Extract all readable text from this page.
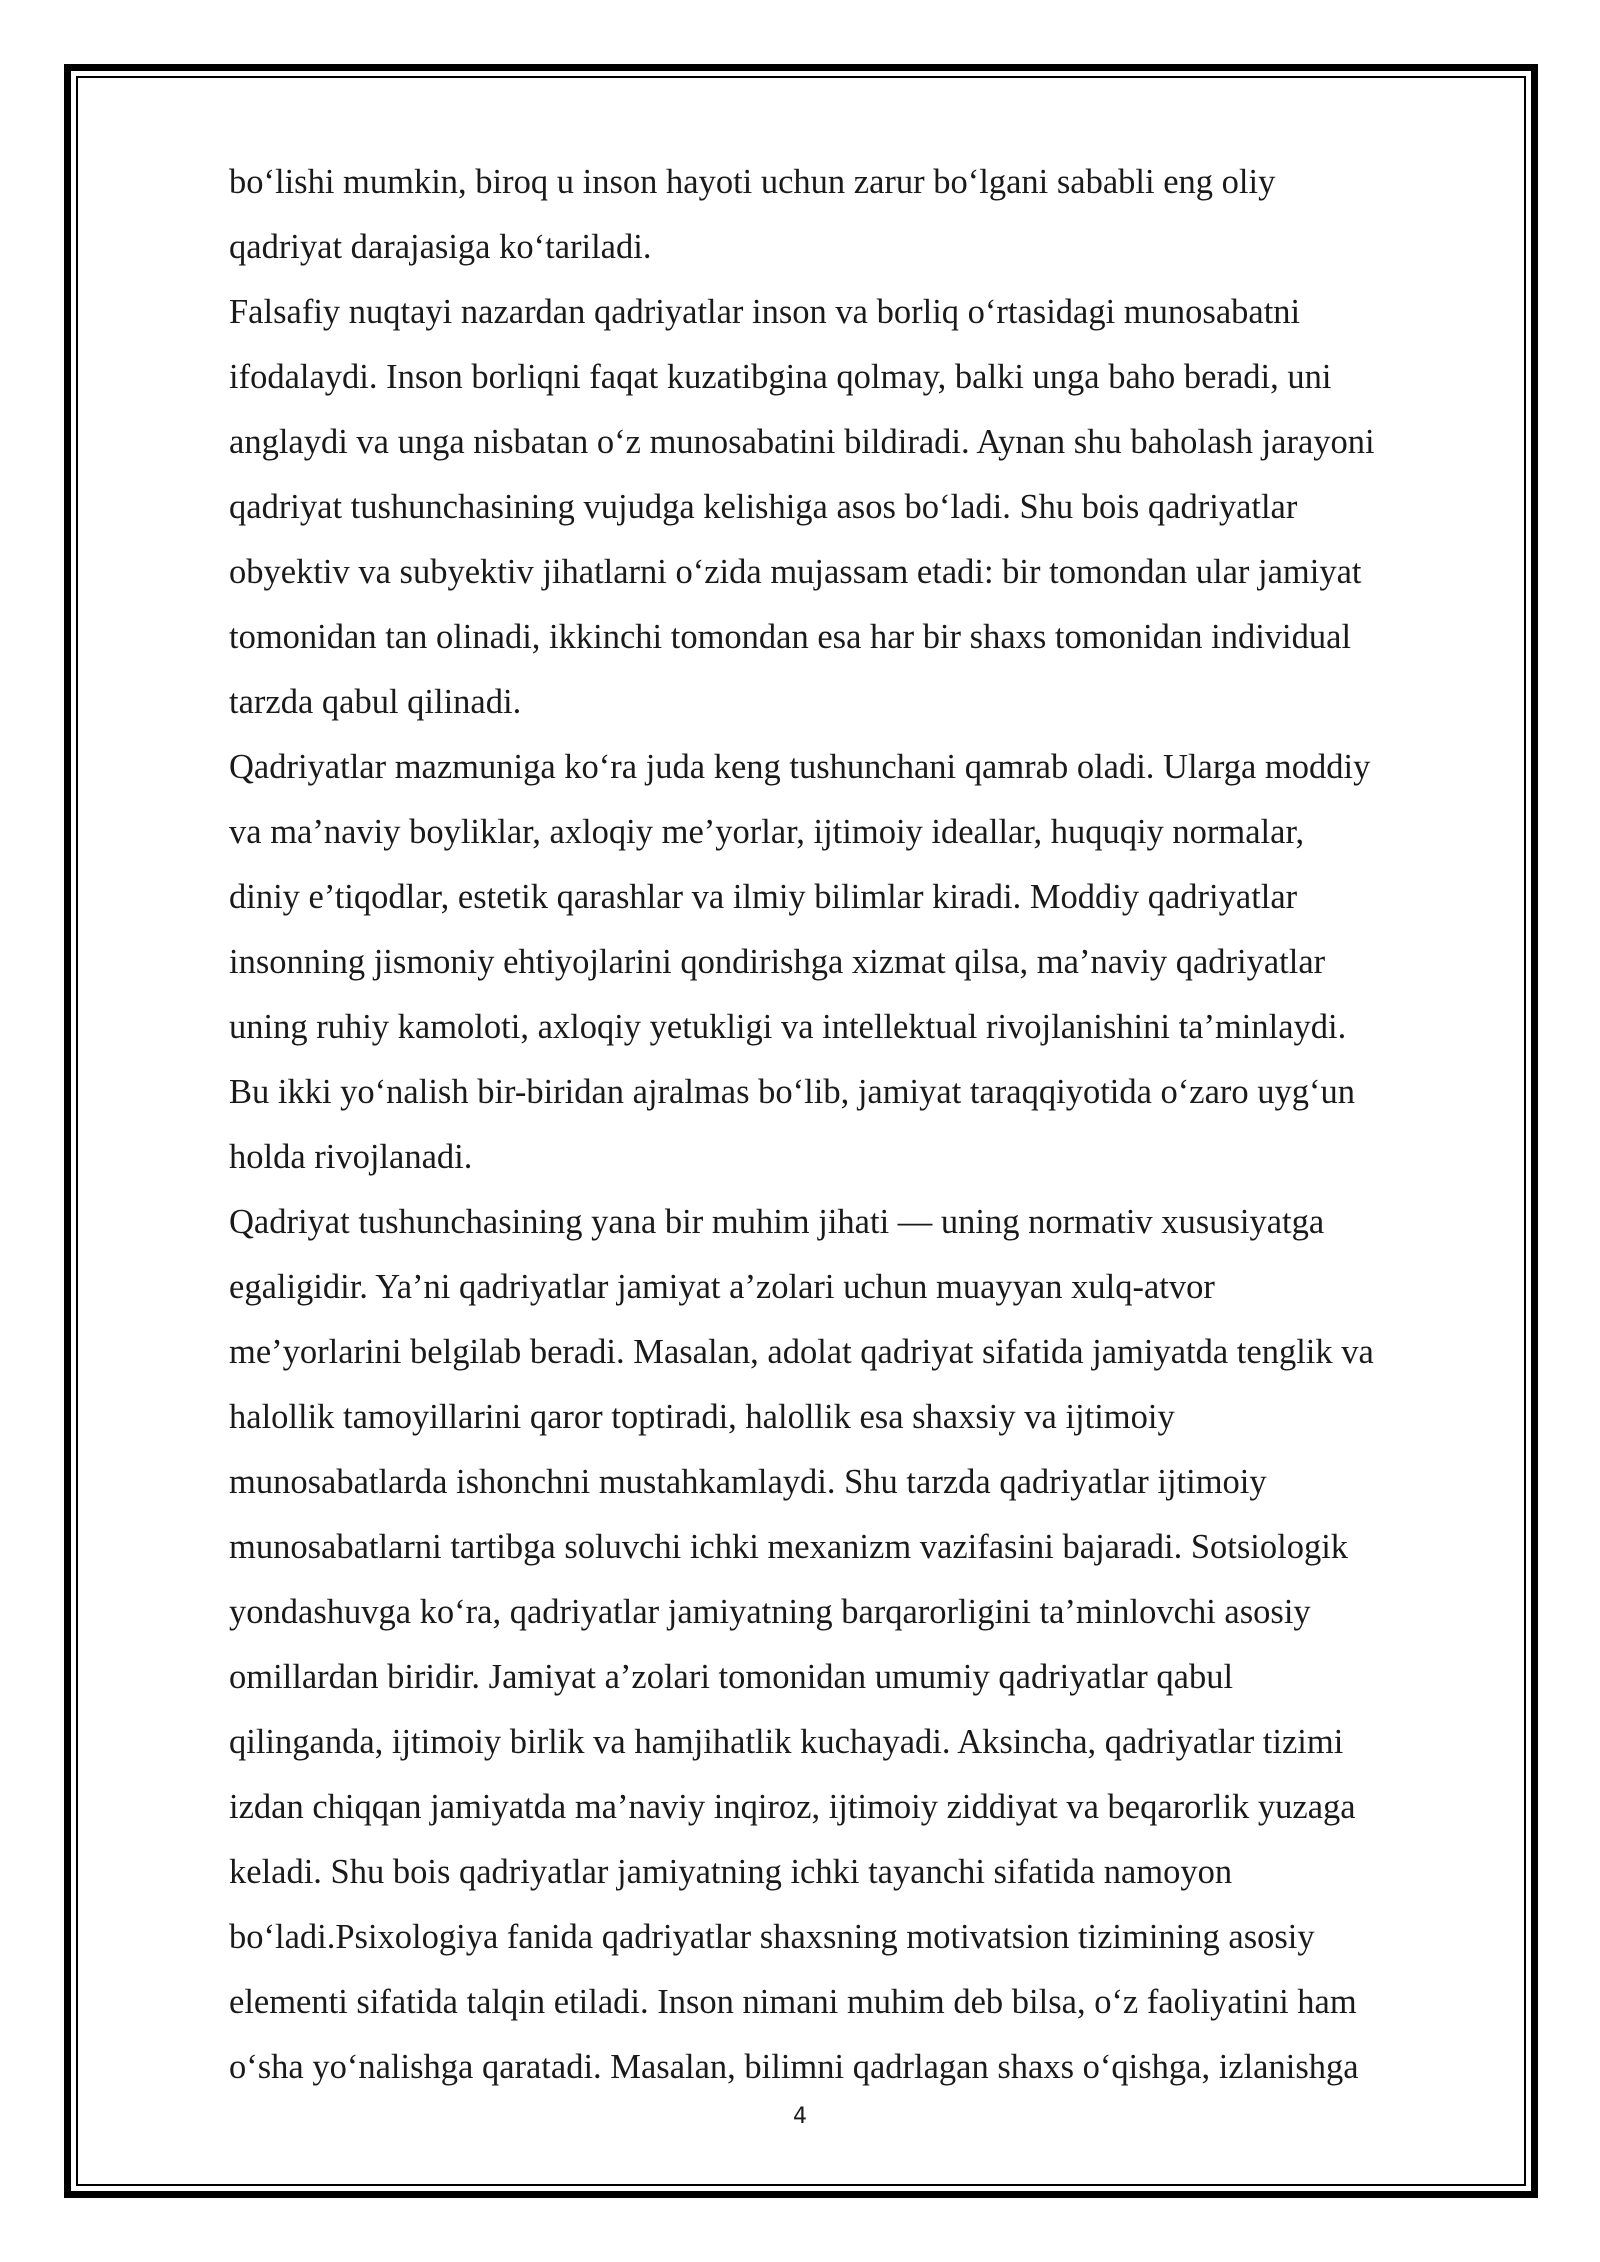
bo‘lishi mumkin, biroq u inson hayoti uchun zarur bo‘lgani sababli eng oliy
qadriyat darajasiga ko‘tariladi.
Falsafiy nuqtayi nazardan qadriyatlar inson va borliq o‘rtasidagi munosabatni
ifodalaydi. Inson borliqni faqat kuzatibgina qolmay, balki unga baho beradi, uni
anglaydi va unga nisbatan o‘z munosabatini bildiradi. Aynan shu baholash jarayoni
qadriyat tushunchasining vujudga kelishiga asos bo‘ladi. Shu bois qadriyatlar
obyektiv va subyektiv jihatlarni o‘zida mujassam etadi: bir tomondan ular jamiyat
tomonidan tan olinadi, ikkinchi tomondan esa har bir shaxs tomonidan individual
tarzda qabul qilinadi.
Qadriyatlar mazmuniga ko‘ra juda keng tushunchani qamrab oladi. Ularga moddiy
va ma’naviy boyliklar, axloqiy me’yorlar, ijtimoiy ideallar, huquqiy normalar,
diniy e’tiqodlar, estetik qarashlar va ilmiy bilimlar kiradi. Moddiy qadriyatlar
insonning jismoniy ehtiyojlarini qondirishga xizmat qilsa, ma’naviy qadriyatlar
uning ruhiy kamoloti, axloqiy yetukligi va intellektual rivojlanishini ta’minlaydi.
Bu ikki yo‘nalish bir-biridan ajralmas bo‘lib, jamiyat taraqqiyotida o‘zaro uyg‘un
holda rivojlanadi.
Qadriyat tushunchasining yana bir muhim jihati — uning normativ xususiyatga
egaligidir. Ya’ni qadriyatlar jamiyat a’zolari uchun muayyan xulq-atvor
me’yorlarini belgilab beradi. Masalan, adolat qadriyat sifatida jamiyatda tenglik va
halollik tamoyillarini qaror toptiradi, halollik esa shaxsiy va ijtimoiy
munosabatlarda ishonchni mustahkamlaydi. Shu tarzda qadriyatlar ijtimoiy
munosabatlarni tartibga soluvchi ichki mexanizm vazifasini bajaradi. Sotsiologik
yondashuvga ko‘ra, qadriyatlar jamiyatning barqarorligini ta’minlovchi asosiy
omillardan biridir. Jamiyat a’zolari tomonidan umumiy qadriyatlar qabul
qilinganda, ijtimoiy birlik va hamjihatlik kuchayadi. Aksincha, qadriyatlar tizimi
izdan chiqqan jamiyatda ma’naviy inqiroz, ijtimoiy ziddiyat va beqarorlik yuzaga
keladi. Shu bois qadriyatlar jamiyatning ichki tayanchi sifatida namoyon
bo‘ladi.Psixologiya fanida qadriyatlar shaxsning motivatsion tizimining asosiy
elementi sifatida talqin etiladi. Inson nimani muhim deb bilsa, o‘z faoliyatini ham
o‘sha yo‘nalishga qaratadi. Masalan, bilimni qadrlagan shaxs o‘qishga, izlanishga
4
